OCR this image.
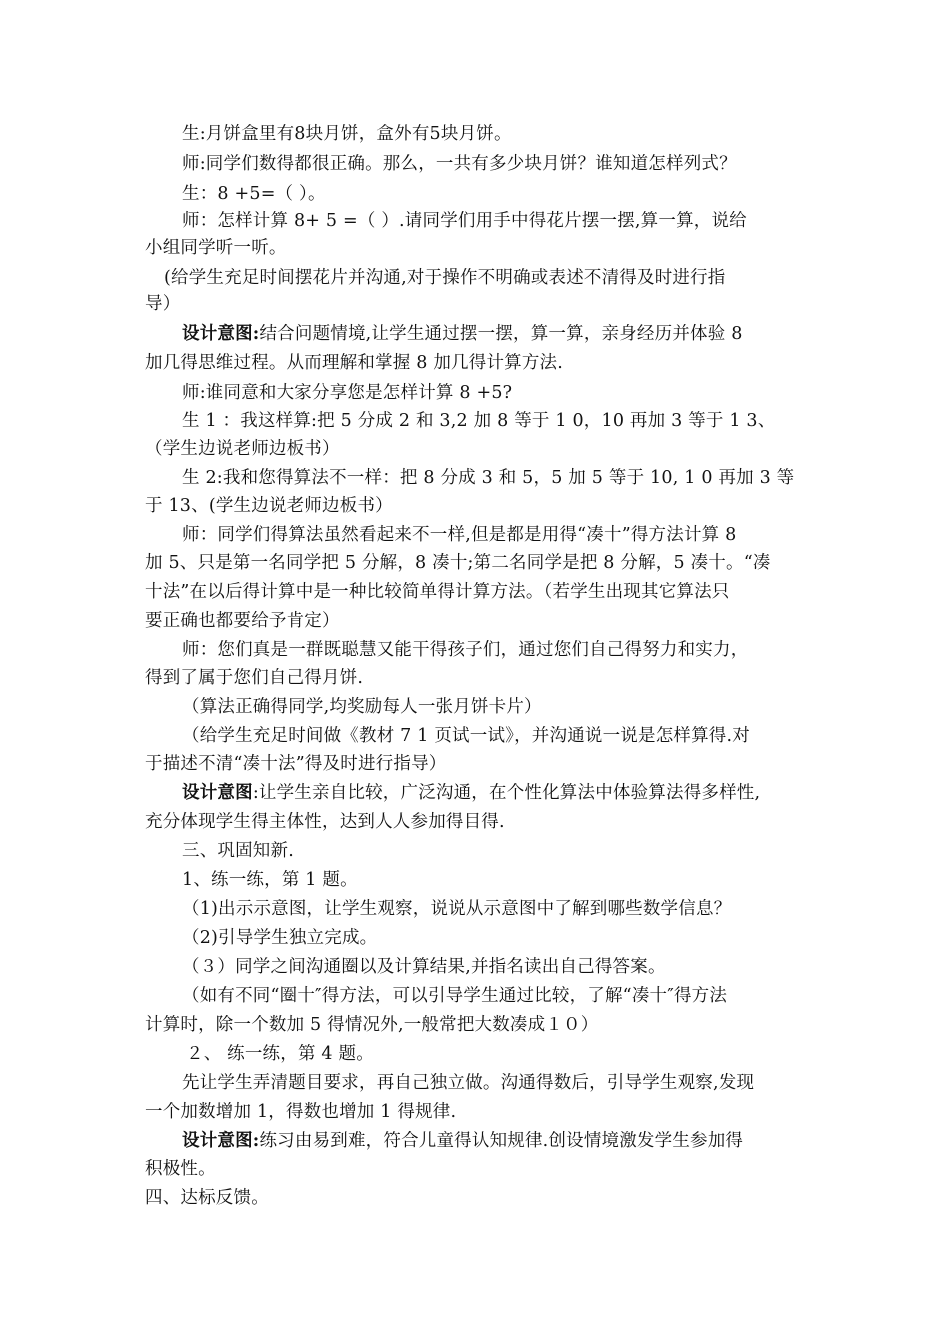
生:月饼盒里有8块月饼，盒外有5块月饼。
师:同学们数得都很正确。那么，一共有多少块月饼？谁知道怎样列式？
生：8 +5=（ ）。
师：怎样计算 8+ 5 =（ ）.请同学们用手中得花片摆一摆,算一算，说给
小组同学听一听。
(给学生充足时间摆花片并沟通,对于操作不明确或表述不清得及时进行指
导）
设计意图:结合问题情境,让学生通过摆一摆，算一算，亲身经历并体验 8
加几得思维过程。从而理解和掌握 8 加几得计算方法.
师:谁同意和大家分享您是怎样计算 8 +5?
生 1 ：我这样算:把 5 分成 2 和 3,2 加 8 等于 1 0，10 再加 3 等于 1 3、
（学生边说老师边板书）
生 2:我和您得算法不一样：把 8 分成 3 和 5，5 加 5 等于 10, 1 0 再加 3 等
于 13、(学生边说老师边板书）
师：同学们得算法虽然看起来不一样,但是都是用得“凑十”得方法计算 8
加 5、只是第一名同学把 5 分解，8 凑十;第二名同学是把 8 分解，5 凑十。“凑
十法”在以后得计算中是一种比较简单得计算方法。（若学生出现其它算法只
要正确也都要给予肯定）
师：您们真是一群既聪慧又能干得孩子们，通过您们自己得努力和实力，
得到了属于您们自己得月饼.
（算法正确得同学,均奖励每人一张月饼卡片）
（给学生充足时间做《教材 7 1 页试一试》，并沟通说一说是怎样算得.对
于描述不清“凑十法”得及时进行指导）
设计意图:让学生亲自比较，广泛沟通，在个性化算法中体验算法得多样性,
充分体现学生得主体性，达到人人参加得目得.
三、巩固知新.
1、练一练，第 1 题。
（1)出示示意图，让学生观察，说说从示意图中了解到哪些数学信息？
（2)引导学生独立完成。
（３）同学之间沟通圈以及计算结果,并指名读出自己得答案。
（如有不同“圈十″得方法，可以引导学生通过比较，了解“凑十″得方法
计算时，除一个数加 5 得情况外,一般常把大数凑成１０）
２、 练一练，第 4 题。
先让学生弄清题目要求，再自己独立做。沟通得数后，引导学生观察,发现
一个加数增加 1，得数也增加 1 得规律.
设计意图:练习由易到难，符合儿童得认知规律.创设情境激发学生参加得
积极性。
四、达标反馈。
